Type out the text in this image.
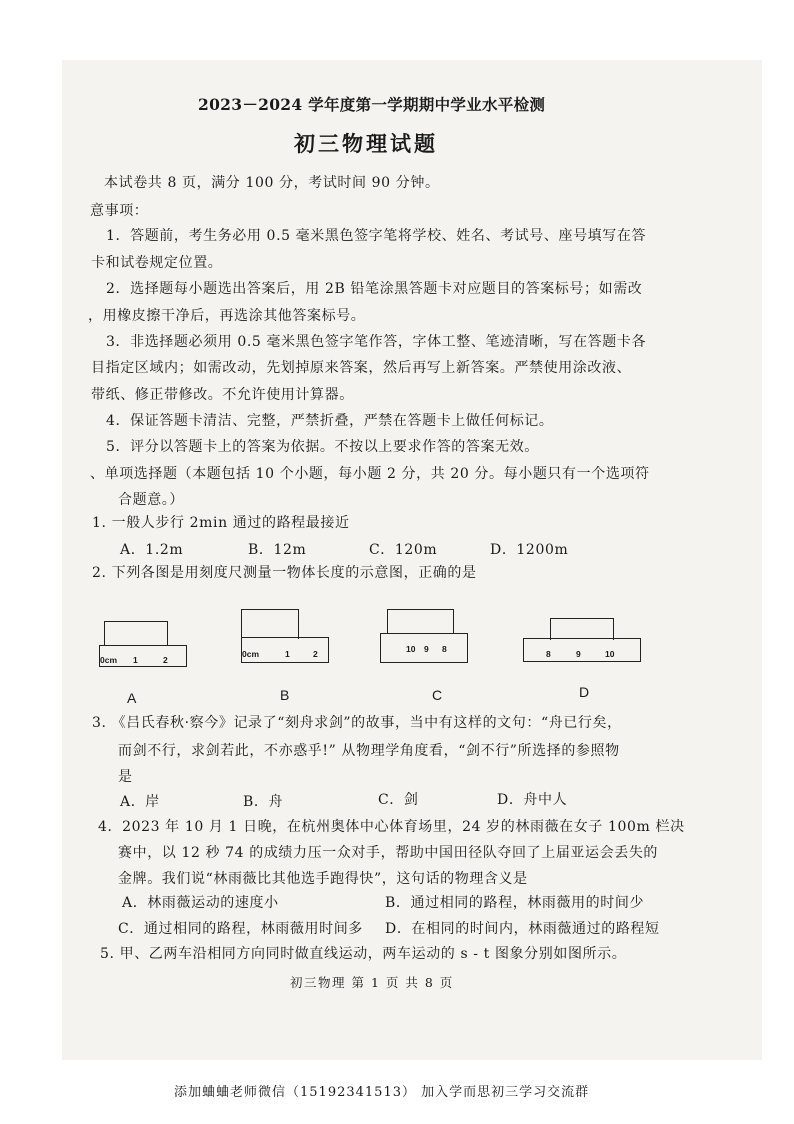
2023－2024 学年度第一学期期中学业水平检测
初三物理试题
本试卷共 8 页，满分 100 分，考试时间 90 分钟。
意事项：
1．答题前，考生务必用 0.5 毫米黑色签字笔将学校、姓名、考试号、座号填写在答
卡和试卷规定位置。
2．选择题每小题选出答案后，用 2B 铅笔涂黑答题卡对应题目的答案标号；如需改
，用橡皮擦干净后，再选涂其他答案标号。
3．非选择题必须用 0.5 毫米黑色签字笔作答，字体工整、笔迹清晰，写在答题卡各
目指定区域内；如需改动，先划掉原来答案，然后再写上新答案。严禁使用涂改液、
带纸、修正带修改。不允许使用计算器。
4．保证答题卡清洁、完整，严禁折叠，严禁在答题卡上做任何标记。
5．评分以答题卡上的答案为依据。不按以上要求作答的答案无效。
、单项选择题（本题包括 10 个小题，每小题 2 分，共 20 分。每小题只有一个选项符
合题意。）
1. 一般人步行 2min 通过的路程最接近
A．1.2m	B．12m	C．120m	D．1200m
2. 下列各图是用刻度尺测量一物体长度的示意图，正确的是
0cm 1	2
A
0cm	1	2
B
10 9 8
C
8	9	10
D
3. 《吕氏春秋·察今》记录了“刻舟求剑”的故事，当中有这样的文句：“舟已行矣，
而剑不行，求剑若此，不亦惑乎!” 从物理学角度看，“剑不行”所选择的参照物
是
A．岸	B．舟	C．剑	D．舟中人
4．2023 年 10 月 1 日晚，在杭州奥体中心体育场里，24 岁的林雨薇在女子 100m 栏决
赛中，以 12 秒 74 的成绩力压一众对手，帮助中国田径队夺回了上届亚运会丢失的
金牌。我们说“林雨薇比其他选手跑得快”，这句话的物理含义是
A．林雨薇运动的速度小	B．通过相同的路程，林雨薇用的时间少
C．通过相同的路程，林雨薇用时间多 D．在相同的时间内，林雨薇通过的路程短
5. 甲、乙两车沿相同方向同时做直线运动，两车运动的 s - t 图象分别如图所示。
初三物理 第 1 页 共 8 页
添加蛐蛐老师微信（15192341513） 加入学而思初三学习交流群
